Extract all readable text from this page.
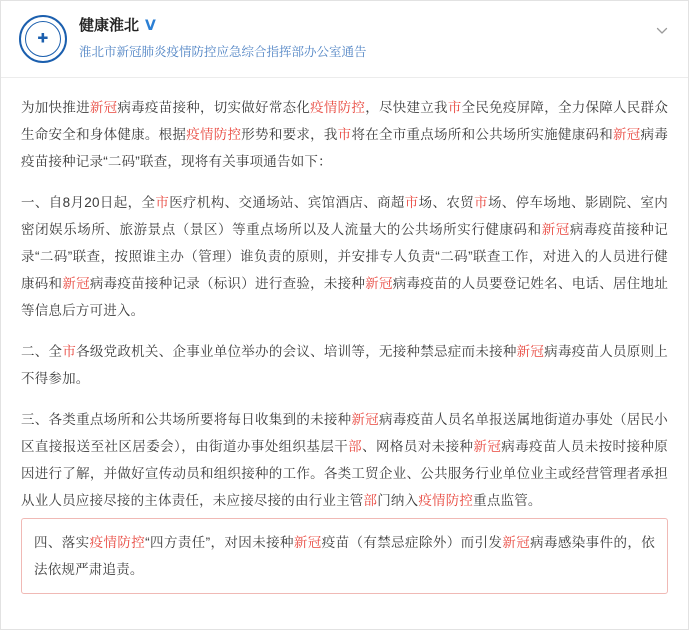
✚
健康淮北 V
淮北市新冠肺炎疫情防控应急综合指挥部办公室通告

为加快推进新冠病毒疫苗接种，切实做好常态化疫情防控，尽快建立我市全民免疫屏障，全力保障人民群众生命安全和身体健康。根据疫情防控形势和要求，我市将在全市重点场所和公共场所实施健康码和新冠病毒疫苗接种记录“二码”联查，现将有关事项通告如下：

一、自8月20日起，全市医疗机构、交通场站、宾馆酒店、商超市场、农贸市场、停车场地、影剧院、室内密闭娱乐场所、旅游景点（景区）等重点场所以及人流量大的公共场所实行健康码和新冠病毒疫苗接种记录“二码”联查，按照谁主办（管理）谁负责的原则，并安排专人负责“二码”联查工作，对进入的人员进行健康码和新冠病毒疫苗接种记录（标识）进行查验，未接种新冠病毒疫苗的人员要登记姓名、电话、居住地址等信息后方可进入。

二、全市各级党政机关、企事业单位举办的会议、培训等，无接种禁忌症而未接种新冠病毒疫苗人员原则上不得参加。

三、各类重点场所和公共场所要将每日收集到的未接种新冠病毒疫苗人员名单报送属地街道办事处（居民小区直接报送至社区居委会），由街道办事处组织基层干部、网格员对未接种新冠病毒疫苗人员未按时接种原因进行了解，并做好宣传动员和组织接种的工作。各类工贸企业、公共服务行业单位业主或经营管理者承担从业人员应接尽接的主体责任，未应接尽接的由行业主管部门纳入疫情防控重点监管。

四、落实疫情防控“四方责任”，对因未接种新冠疫苗（有禁忌症除外）而引发新冠病毒感染事件的，依法依规严肃追责。
